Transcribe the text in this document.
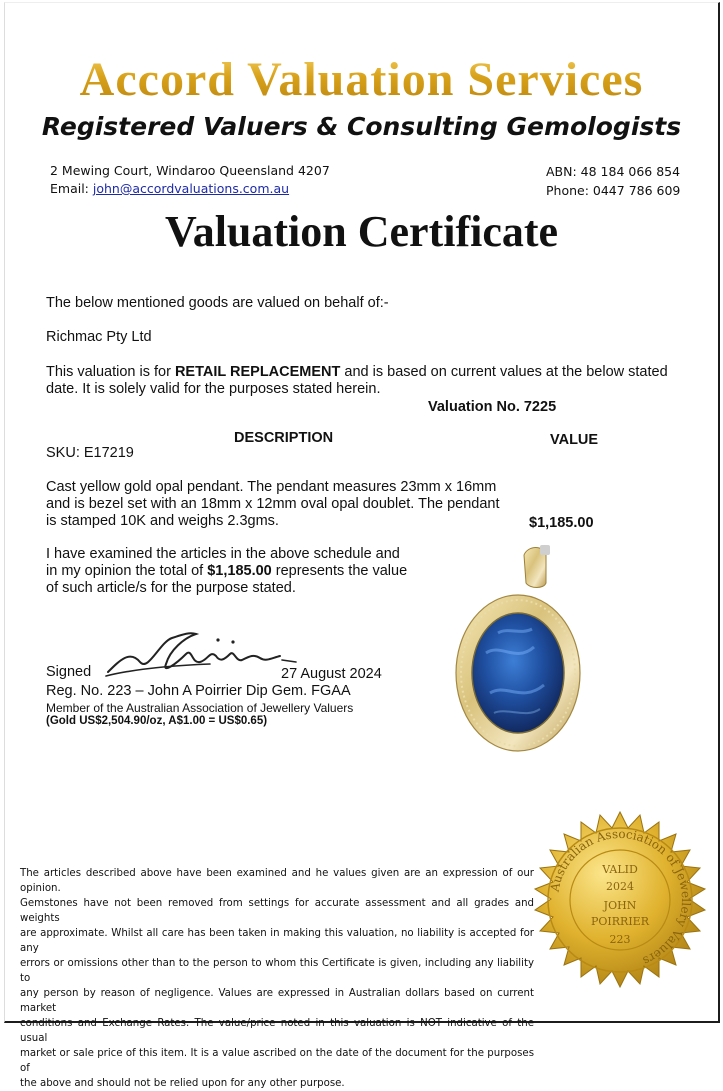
Accord Valuation Services
Registered Valuers & Consulting Gemologists
2 Mewing Court, Windaroo Queensland 4207
Email: john@accordvaluations.com.au
ABN: 48 184 066 854
Phone: 0447 786 609
Valuation Certificate
The below mentioned goods are valued on behalf of:-
Richmac Pty Ltd
This valuation is for RETAIL REPLACEMENT and is based on current values at the below stated
date. It is solely valid for the purposes stated herein.
Valuation No. 7225
DESCRIPTION	VALUE
SKU: E17219
Cast yellow gold opal pendant. The pendant measures 23mm x 16mm
and is bezel set with an 18mm x 12mm oval opal doublet. The pendant
is stamped 10K and weighs 2.3gms.	$1,185.00
I have examined the articles in the above schedule and
in my opinion the total of $1,185.00 represents the value
of such article/s for the purpose stated.
Signed	27 August 2024
Reg. No. 223 – John A Poirrier Dip Gem. FGAA
Member of the Australian Association of Jewellery Valuers
(Gold US$2,504.90/oz, A$1.00 = US$0.65)
The articles described above have been examined and he values given are an expression of our opinion.
Gemstones have not been removed from settings for accurate assessment and all grades and weights
are approximate. Whilst all care has been taken in making this valuation, no liability is accepted for any
errors or omissions other than to the person to whom this Certificate is given, including any liability to
any person by reason of negligence. Values are expressed in Australian dollars based on current market
conditions and Exchange Rates. The value/price noted in this valuation is NOT indicative of the usual
market or sale price of this item. It is a value ascribed on the date of the document for the purposes of
the above and should not be relied upon for any other purpose.
Australian Association of Jewellery Valuers
VALID
2024
JOHN
POIRRIER
223
